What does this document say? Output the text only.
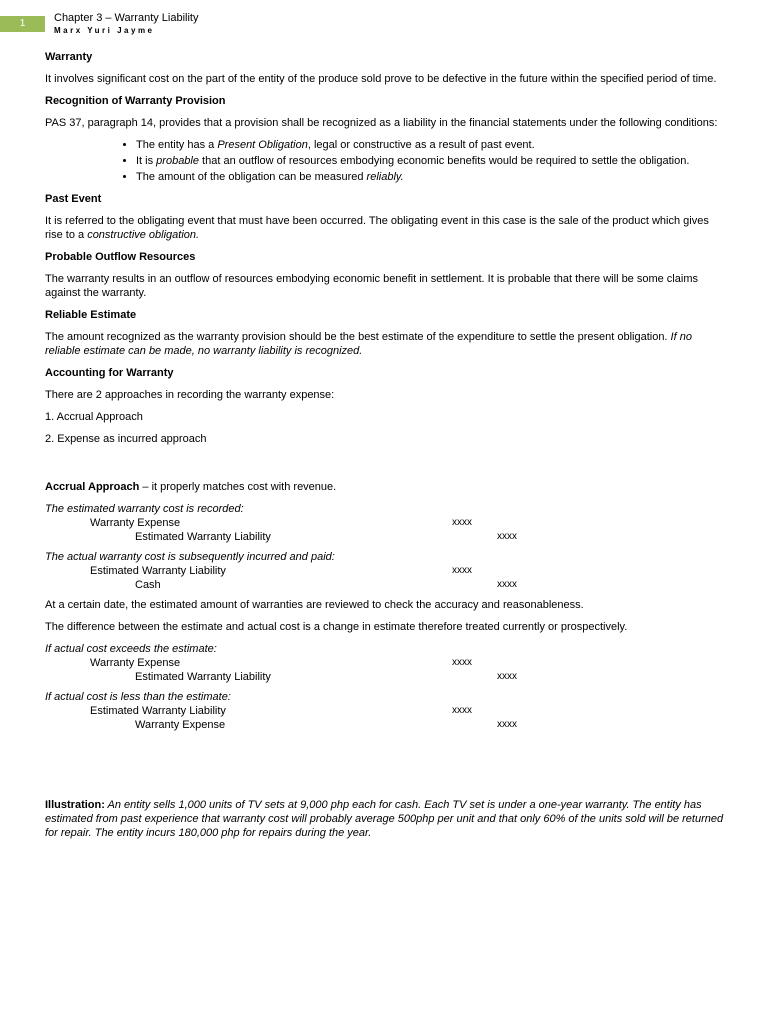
1	Chapter 3 – Warranty Liability
Marx Yuri Jayme
Warranty

It involves significant cost on the part of the entity of the produce sold prove to be defective in the future within the specified period of time.

Recognition of Warranty Provision

PAS 37, paragraph 14, provides that a provision shall be recognized as a liability in the financial statements under the following conditions:

• The entity has a Present Obligation, legal or constructive as a result of past event.
• It is probable that an outflow of resources embodying economic benefits would be required to settle the obligation.
• The amount of the obligation can be measured reliably.
Past Event

It is referred to the obligating event that must have been occurred. The obligating event in this case is the sale of the product which gives rise to a constructive obligation.

Probable Outflow Resources

The warranty results in an outflow of resources embodying economic benefit in settlement. It is probable that there will be some claims against the warranty.

Reliable Estimate

The amount recognized as the warranty provision should be the best estimate of the expenditure to settle the present obligation. If no reliable estimate can be made, no warranty liability is recognized.

Accounting for Warranty

There are 2 approaches in recording the warranty expense:

1. Accrual Approach

2. Expense as incurred approach

Accrual Approach – it properly matches cost with revenue.

The estimated warranty cost is recorded:
Warranty Expense	xxxx
Estimated Warranty Liability	xxxx
The actual warranty cost is subsequently incurred and paid:
Estimated Warranty Liability	xxxx
Cash	xxxx

At a certain date, the estimated amount of warranties are reviewed to check the accuracy and reasonableness.

The difference between the estimate and actual cost is a change in estimate therefore treated currently or prospectively.

If actual cost exceeds the estimate:
Warranty Expense	xxxx
Estimated Warranty Liability	xxxx
If actual cost is less than the estimate:
Estimated Warranty Liability	xxxx
Warranty Expense	xxxx

Illustration: An entity sells 1,000 units of TV sets at 9,000 php each for cash. Each TV set is under a one-year warranty. The entity has estimated from past experience that warranty cost will probably average 500php per unit and that only 60% of the units sold will be returned for repair. The entity incurs 180,000 php for repairs during the year.
